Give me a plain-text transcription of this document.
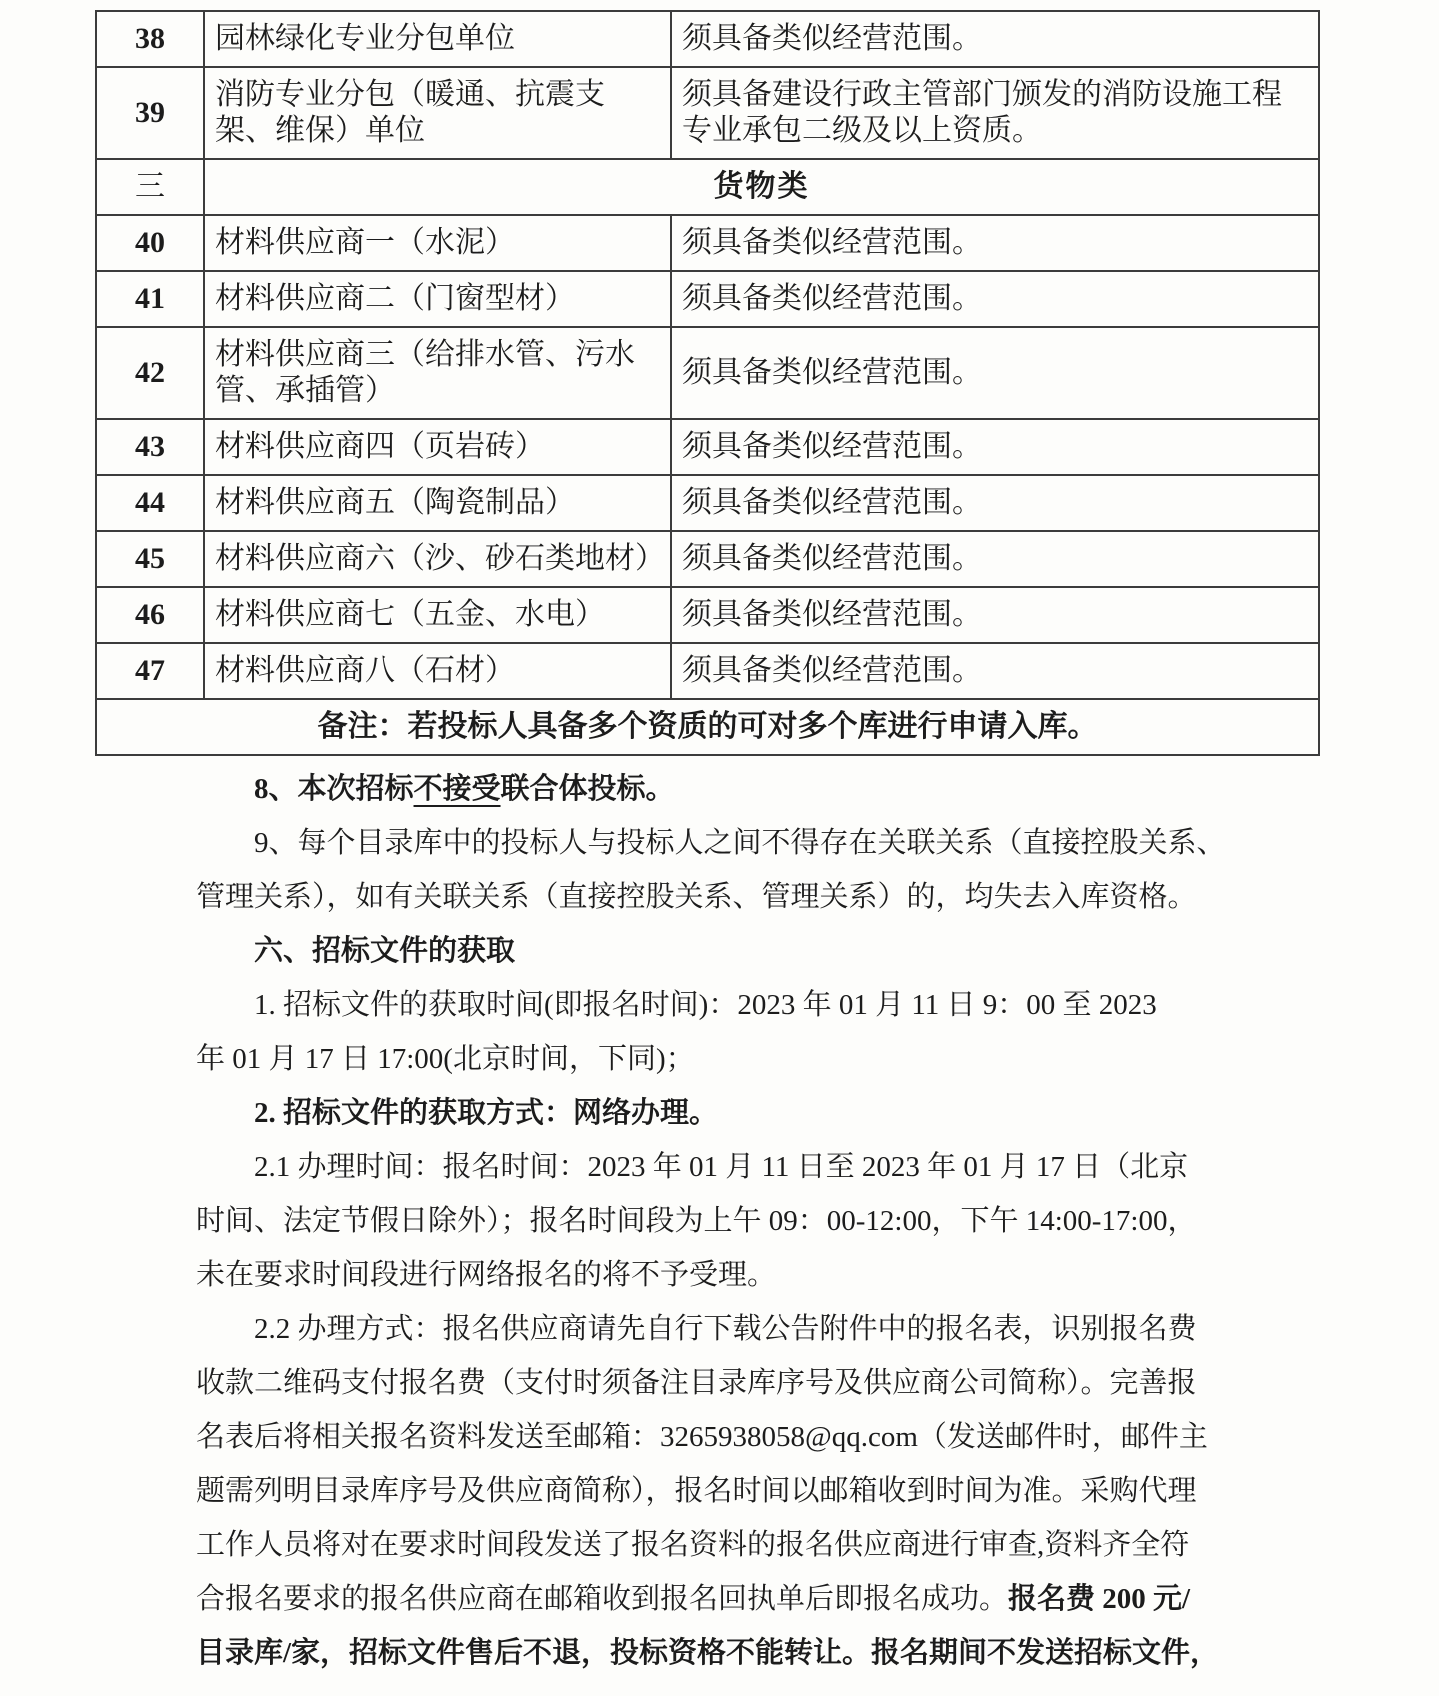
38	园林绿化专业分包单位	须具备类似经营范围。
39	消防专业分包（暖通、抗震支架、维保）单位	须具备建设行政主管部门颁发的消防设施工程专业承包二级及以上资质。
三	货物类	
40	材料供应商一（水泥）	须具备类似经营范围。
41	材料供应商二（门窗型材）	须具备类似经营范围。
42	材料供应商三（给排水管、污水管、承插管）	须具备类似经营范围。
43	材料供应商四（页岩砖）	须具备类似经营范围。
44	材料供应商五（陶瓷制品）	须具备类似经营范围。
45	材料供应商六（沙、砂石类地材）	须具备类似经营范围。
46	材料供应商七（五金、水电）	须具备类似经营范围。
47	材料供应商八（石材）	须具备类似经营范围。
备注：若投标人具备多个资质的可对多个库进行申请入库。		
8、本次招标不接受联合体投标。
9、每个目录库中的投标人与投标人之间不得存在关联关系（直接控股关系、
管理关系），如有关联关系（直接控股关系、管理关系）的，均失去入库资格。
六、招标文件的获取
1. 招标文件的获取时间(即报名时间)：2023 年 01 月 11 日 9：00 至 2023
年 01 月 17 日 17:00(北京时间，下同)；
2. 招标文件的获取方式：网络办理。
2.1 办理时间：报名时间：2023 年 01 月 11 日至 2023 年 01 月 17 日（北京
时间、法定节假日除外）；报名时间段为上午 09：00-12:00，下午 14:00-17:00，
未在要求时间段进行网络报名的将不予受理。
2.2 办理方式：报名供应商请先自行下载公告附件中的报名表，识别报名费
收款二维码支付报名费（支付时须备注目录库序号及供应商公司简称）。完善报
名表后将相关报名资料发送至邮箱：3265938058@qq.com（发送邮件时，邮件主
题需列明目录库序号及供应商简称），报名时间以邮箱收到时间为准。采购代理
工作人员将对在要求时间段发送了报名资料的报名供应商进行审查,资料齐全符
合报名要求的报名供应商在邮箱收到报名回执单后即报名成功。报名费 200 元/
目录库/家，招标文件售后不退，投标资格不能转让。报名期间不发送招标文件，
